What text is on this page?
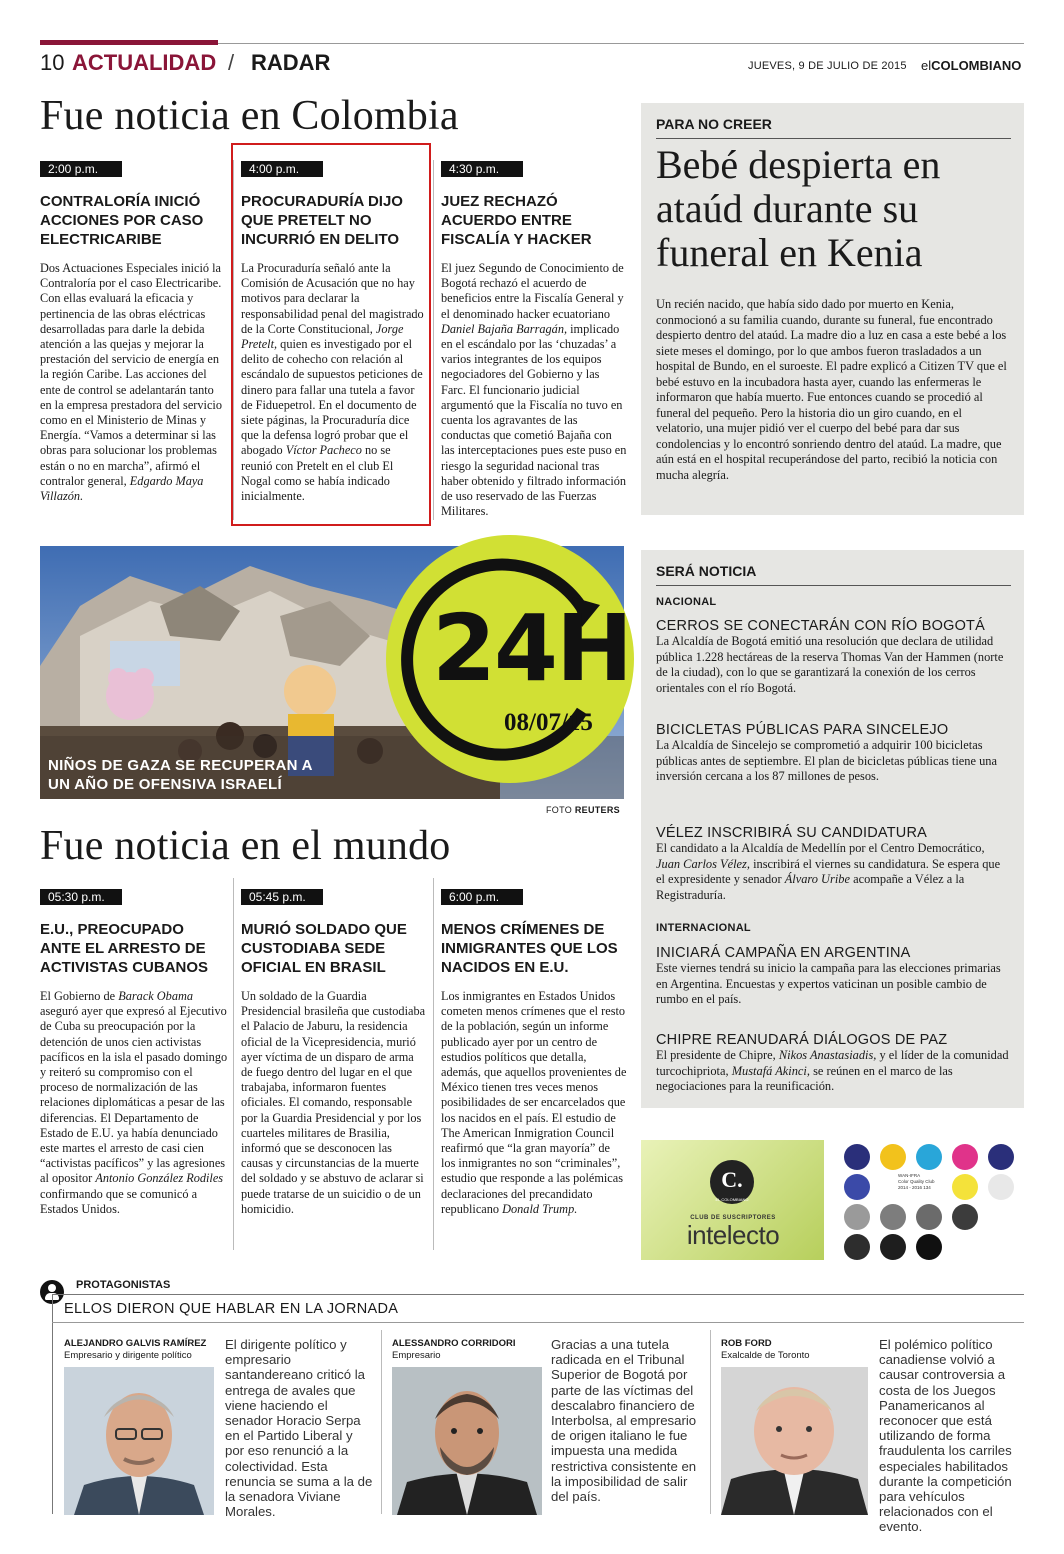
10 ACTUALIDAD / RADAR	JUEVES, 9 DE JULIO DE 2015 elCOLOMBIANO
Fue noticia en Colombia
2:00 p.m.
CONTRALORÍA INICIÓ ACCIONES POR CASO ELECTRICARIBE
Dos Actuaciones Especiales inició la Contraloría por el caso Electricaribe. Con ellas evaluará la eficacia y pertinencia de las obras eléctricas desarrolladas para darle la debida atención a las quejas y mejorar la prestación del servicio de energía en la región Caribe. Las acciones del ente de control se adelantarán tanto en la empresa prestadora del servicio como en el Ministerio de Minas y Energía. “Vamos a determinar si las obras para solucionar los problemas están o no en marcha”, afirmó el contralor general, Edgardo Maya Villazón.
4:00 p.m.
PROCURADURÍA DIJO QUE PRETELT NO INCURRIÓ EN DELITO
La Procuraduría señaló ante la Comisión de Acusación que no hay motivos para declarar la responsabilidad penal del magistrado de la Corte Constitucional, Jorge Pretelt, quien es investigado por el delito de cohecho con relación al escándalo de supuestos peticiones de dinero para fallar una tutela a favor de Fiduepetrol. En el documento de siete páginas, la Procuraduría dice que la defensa logró probar que el abogado Víctor Pacheco no se reunió con Pretelt en el club El Nogal como se había indicado inicialmente.
4:30 p.m.
JUEZ RECHAZÓ ACUERDO ENTRE FISCALÍA Y HACKER
El juez Segundo de Conocimiento de Bogotá rechazó el acuerdo de beneficios entre la Fiscalía General y el denominado hacker ecuatoriano Daniel Bajaña Barragán, implicado en el escándalo por las ‘chuzadas’ a varios integrantes de los equipos negociadores del Gobierno y las Farc. El funcionario judicial argumentó que la Fiscalía no tuvo en cuenta los agravantes de las conductas que cometió Bajaña con las interceptaciones pues este puso en riesgo la seguridad nacional tras haber obtenido y filtrado información de uso reservado de las Fuerzas Militares.
PARA NO CREER
Bebé despierta en ataúd durante su funeral en Kenia
Un recién nacido, que había sido dado por muerto en Kenia, conmocionó a su familia cuando, durante su funeral, fue encontrado despierto dentro del ataúd. La madre dio a luz en casa a este bebé a los siete meses el domingo, por lo que ambos fueron trasladados a un hospital de Bundo, en el suroeste. El padre explicó a Citizen TV que el bebé estuvo en la incubadora hasta ayer, cuando las enfermeras le informaron que había muerto. Fue entonces cuando se procedió al funeral del pequeño. Pero la historia dio un giro cuando, en el velatorio, una mujer pidió ver el cuerpo del bebé para dar sus condolencias y lo encontró sonriendo dentro del ataúd. La madre, que aún está en el hospital recuperándose del parto, recibió la noticia con mucha alegría.
24H
08/07/15
NIÑOS DE GAZA SE RECUPERAN A
UN AÑO DE OFENSIVA ISRAELÍ
FOTO REUTERS
SERÁ NOTICIA
NACIONAL
CERROS SE CONECTARÁN CON RÍO BOGOTÁ
La Alcaldía de Bogotá emitió una resolución que declara de utilidad pública 1.228 hectáreas de la reserva Thomas Van der Hammen (norte de la ciudad), con lo que se garantizará la conexión de los cerros orientales con el río Bogotá.
BICICLETAS PÚBLICAS PARA SINCELEJO
La Alcaldía de Sincelejo se comprometió a adquirir 100 bicicletas públicas antes de septiembre. El plan de bicicletas públicas tiene una inversión cercana a los 87 millones de pesos.
VÉLEZ INSCRIBIRÁ SU CANDIDATURA
El candidato a la Alcaldía de Medellín por el Centro Democrático, Juan Carlos Vélez, inscribirá el viernes su candidatura. Se espera que el expresidente y senador Álvaro Uribe acompañe a Vélez a la Registraduría.
INTERNACIONAL
INICIARÁ CAMPAÑA EN ARGENTINA
Este viernes tendrá su inicio la campaña para las elecciones primarias en Argentina. Encuestas y expertos vaticinan un posible cambio de rumbo en el país.
CHIPRE REANUDARÁ DIÁLOGOS DE PAZ
El presidente de Chipre, Nikos Anastasiadis, y el líder de la comunidad turcochipriota, Mustafá Akinci, se reúnen en el marco de las negociaciones para la reunificación.
Fue noticia en el mundo
05:30 p.m.
E.U., PREOCUPADO ANTE EL ARRESTO DE ACTIVISTAS CUBANOS
El Gobierno de Barack Obama aseguró ayer que expresó al Ejecutivo de Cuba su preocupación por la detención de unos cien activistas pacíficos en la isla el pasado domingo y reiteró su compromiso con el proceso de normalización de las relaciones diplomáticas a pesar de las diferencias. El Departamento de Estado de E.U. ya había denunciado este martes el arresto de casi cien “activistas pacíficos” y las agresiones al opositor Antonio González Rodiles confirmando que se comunicó a Estados Unidos.
05:45 p.m.
MURIÓ SOLDADO QUE CUSTODIABA SEDE OFICIAL EN BRASIL
Un soldado de la Guardia Presidencial brasileña que custodiaba el Palacio de Jaburu, la residencia oficial de la Vicepresidencia, murió ayer víctima de un disparo de arma de fuego dentro del lugar en el que trabajaba, informaron fuentes oficiales. El comando, responsable por la Guardia Presidencial y por los cuarteles militares de Brasilia, informó que se desconocen las causas y circunstancias de la muerte del soldado y se abstuvo de aclarar si puede tratarse de un suicidio o de un homicidio.
6:00 p.m.
MENOS CRÍMENES DE INMIGRANTES QUE LOS NACIDOS EN E.U.
Los inmigrantes en Estados Unidos cometen menos crímenes que el resto de la población, según un informe publicado ayer por un centro de estudios políticos que detalla, además, que aquellos provenientes de México tienen tres veces menos posibilidades de ser encarcelados que los nacidos en el país. El estudio de The American Inmigration Council reafirmó que “la gran mayoría” de los inmigrantes no son “criminales”, estudio que responde a las polémicas declaraciones del precandidato republicano Donald Trump.
C.
EL COLOMBIANO
CLUB DE SUSCRIPTORES
intelecto
WAN-IFRA
Color Quality Club
2014 - 2016 134
PROTAGONISTAS
ELLOS DIERON QUE HABLAR EN LA JORNADA
ALEJANDRO GALVIS RAMÍREZ
Empresario y dirigente político
El dirigente político y empresario santandereano criticó la entrega de avales que viene haciendo el senador Horacio Serpa en el Partido Liberal y por eso renunció a la colectividad. Esta renuncia se suma a la de la senadora Viviane Morales.
ALESSANDRO CORRIDORI
Empresario
Gracias a una tutela radicada en el Tribunal Superior de Bogotá por parte de las víctimas del descalabro financiero de Interbolsa, al empresario de origen italiano le fue impuesta una medida restrictiva consistente en la imposibilidad de salir del país.
ROB FORD
Exalcalde de Toronto
El polémico político canadiense volvió a causar controversia a costa de los Juegos Panamericanos al reconocer que está utilizando de forma fraudulenta los carriles especiales habilitados durante la competición para vehículos relacionados con el evento.
